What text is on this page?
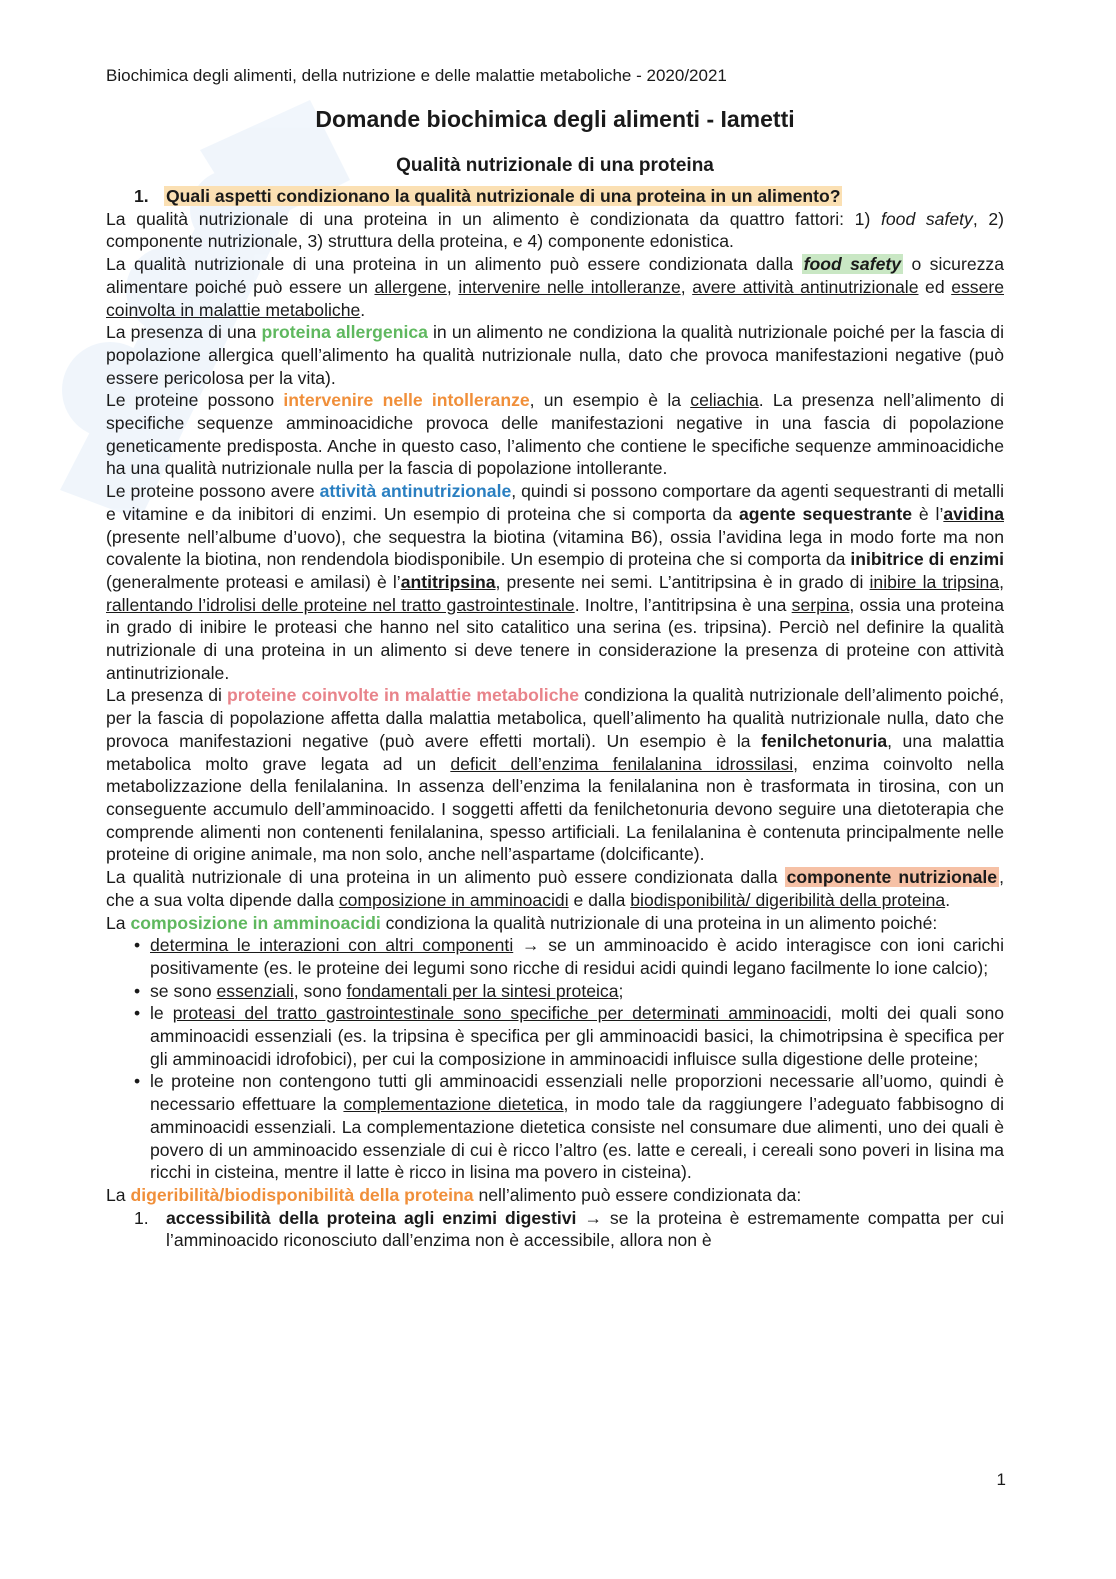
Biochimica degli alimenti, della nutrizione e delle malattie metaboliche - 2020/2021
Domande biochimica degli alimenti - Iametti
Qualità nutrizionale di una proteina

1. Quali aspetti condizionano la qualità nutrizionale di una proteina in un alimento?

La qualità nutrizionale di una proteina in un alimento è condizionata da quattro fattori: 1) food safety, 2) componente nutrizionale, 3) struttura della proteina, e 4) componente edonistica.

La qualità nutrizionale di una proteina in un alimento può essere condizionata dalla food safety o sicurezza alimentare poiché può essere un allergene, intervenire nelle intolleranze, avere attività antinutrizionale ed essere coinvolta in malattie metaboliche.

La presenza di una proteina allergenica in un alimento ne condiziona la qualità nutrizionale poiché per la fascia di popolazione allergica quell’alimento ha qualità nutrizionale nulla, dato che provoca manifestazioni negative (può essere pericolosa per la vita).

Le proteine possono intervenire nelle intolleranze, un esempio è la celiachia. La presenza nell’alimento di specifiche sequenze amminoacidiche provoca delle manifestazioni negative in una fascia di popolazione geneticamente predisposta. Anche in questo caso, l’alimento che contiene le specifiche sequenze amminoacidiche ha una qualità nutrizionale nulla per la fascia di popolazione intollerante.

Le proteine possono avere attività antinutrizionale, quindi si possono comportare da agenti sequestranti di metalli e vitamine e da inibitori di enzimi. Un esempio di proteina che si comporta da agente sequestrante è l’avidina (presente nell’albume d’uovo), che sequestra la biotina (vitamina B6), ossia l’avidina lega in modo forte ma non covalente la biotina, non rendendola biodisponibile. Un esempio di proteina che si comporta da inibitrice di enzimi (generalmente proteasi e amilasi) è l’antitripsina, presente nei semi. L’antitripsina è in grado di inibire la tripsina, rallentando l’idrolisi delle proteine nel tratto gastrointestinale. Inoltre, l’antitripsina è una serpina, ossia una proteina in grado di inibire le proteasi che hanno nel sito catalitico una serina (es. tripsina). Perciò nel definire la qualità nutrizionale di una proteina in un alimento si deve tenere in considerazione la presenza di proteine con attività antinutrizionale.

La presenza di proteine coinvolte in malattie metaboliche condiziona la qualità nutrizionale dell’alimento poiché, per la fascia di popolazione affetta dalla malattia metabolica, quell’alimento ha qualità nutrizionale nulla, dato che provoca manifestazioni negative (può avere effetti mortali). Un esempio è la fenilchetonuria, una malattia metabolica molto grave legata ad un deficit dell’enzima fenilalanina idrossilasi, enzima coinvolto nella metabolizzazione della fenilalanina. In assenza dell’enzima la fenilalanina non è trasformata in tirosina, con un conseguente accumulo dell’amminoacido. I soggetti affetti da fenilchetonuria devono seguire una dietoterapia che comprende alimenti non contenenti fenilalanina, spesso artificiali. La fenilalanina è contenuta principalmente nelle proteine di origine animale, ma non solo, anche nell’aspartame (dolcificante).

La qualità nutrizionale di una proteina in un alimento può essere condizionata dalla componente nutrizionale , che a sua volta dipende dalla composizione in amminoacidi e dalla biodisponibilità/ digeribilità della proteina.

La composizione in amminoacidi condiziona la qualità nutrizionale di una proteina in un alimento poiché:

• determina le interazioni con altri componenti → se un amminoacido è acido interagisce con ioni carichi positivamente (es. le proteine dei legumi sono ricche di residui acidi quindi legano facilmente lo ione calcio);
• se sono essenziali, sono fondamentali per la sintesi proteica;
• le proteasi del tratto gastrointestinale sono specifiche per determinati amminoacidi, molti dei quali sono amminoacidi essenziali (es. la tripsina è specifica per gli amminoacidi basici, la chimotripsina è specifica per gli amminoacidi idrofobici), per cui la composizione in amminoacidi influisce sulla digestione delle proteine;
• le proteine non contengono tutti gli amminoacidi essenziali nelle proporzioni necessarie all’uomo, quindi è necessario effettuare la complementazione dietetica, in modo tale da raggiungere l’adeguato fabbisogno di amminoacidi essenziali. La complementazione dietetica consiste nel consumare due alimenti, uno dei quali è povero di un amminoacido essenziale di cui è ricco l’altro (es. latte e cereali, i cereali sono poveri in lisina ma ricchi in cisteina, mentre il latte è ricco in lisina ma povero in cisteina).

La digeribilità/biodisponibilità della proteina nell’alimento può essere condizionata da:

1. accessibilità della proteina agli enzimi digestivi → se la proteina è estremamente compatta per cui l’amminoacido riconosciuto dall’enzima non è accessibile, allora non è
1
